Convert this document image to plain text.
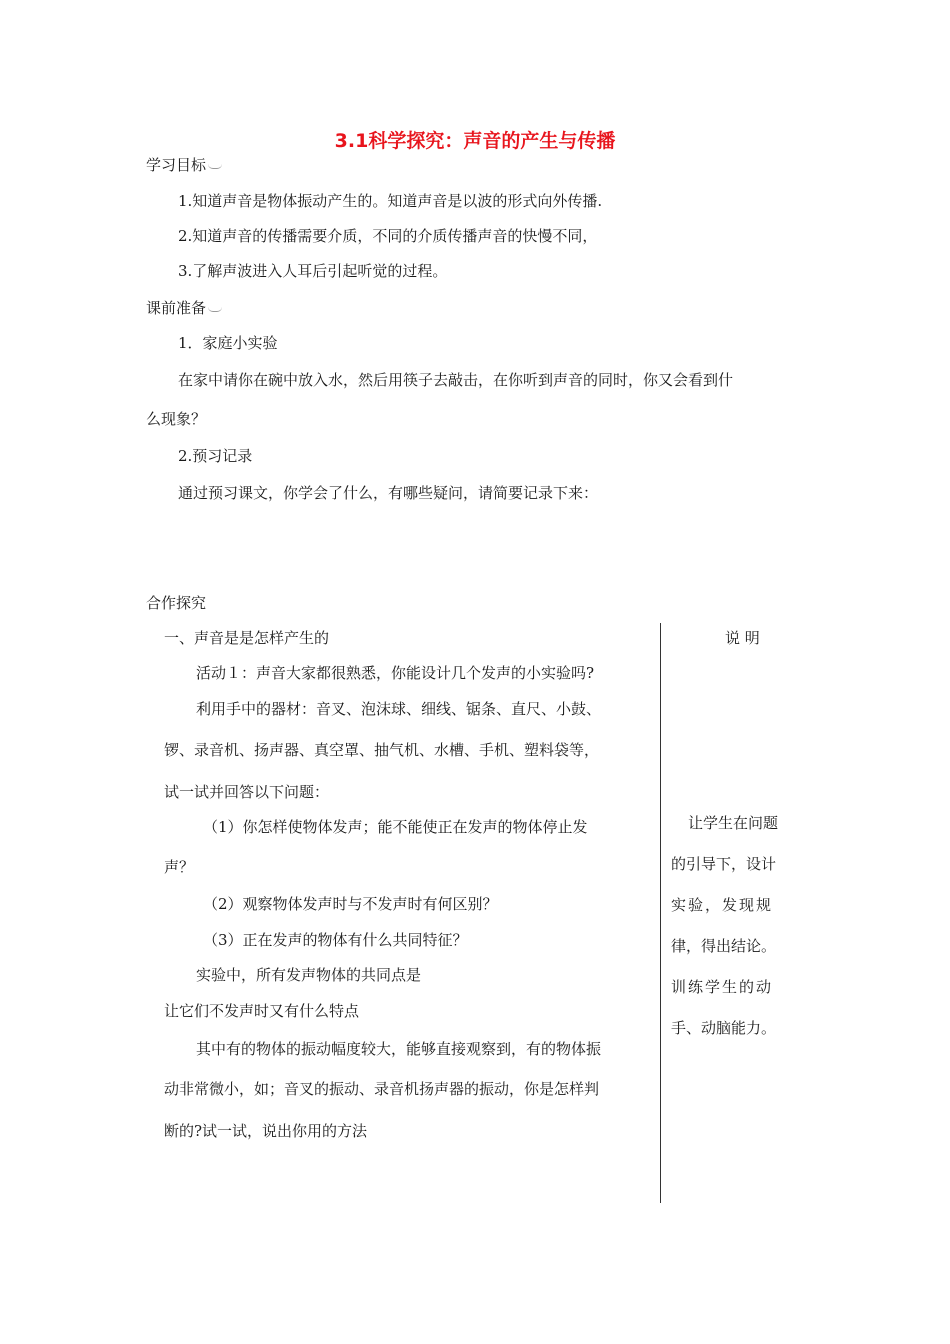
3.1科学探究：声音的产生与传播
学习目标
1.知道声音是物体振动产生的。知道声音是以波的形式向外传播.
2.知道声音的传播需要介质，不同的介质传播声音的快慢不同，
3.了解声波进入人耳后引起听觉的过程。
课前准备
1．家庭小实验
在家中请你在碗中放入水，然后用筷子去敲击，在你听到声音的同时，你又会看到什
么现象？
2.预习记录
通过预习课文，你学会了什么，有哪些疑问，请简要记录下来：
合作探究
一、声音是是怎样产生的
活动１：声音大家都很熟悉，你能设计几个发声的小实验吗?
利用手中的器材：音叉、泡沫球、细线、锯条、直尺、小鼓、
锣、录音机、扬声器、真空罩、抽气机、水槽、手机、塑料袋等，
试一试并回答以下问题：
（1）你怎样使物体发声；能不能使正在发声的物体停止发
声？
（2）观察物体发声时与不发声时有何区别？
（3）正在发声的物体有什么共同特征？
实验中，所有发声物体的共同点是
让它们不发声时又有什么特点
其中有的物体的振动幅度较大，能够直接观察到，有的物体振
动非常微小，如；音叉的振动、录音机扬声器的振动，你是怎样判
断的?试一试，说出你用的方法
说 明
让学生在问题
的引导下，设计
实验，发现规
律，得出结论。
训练学生的动
手、动脑能力。
